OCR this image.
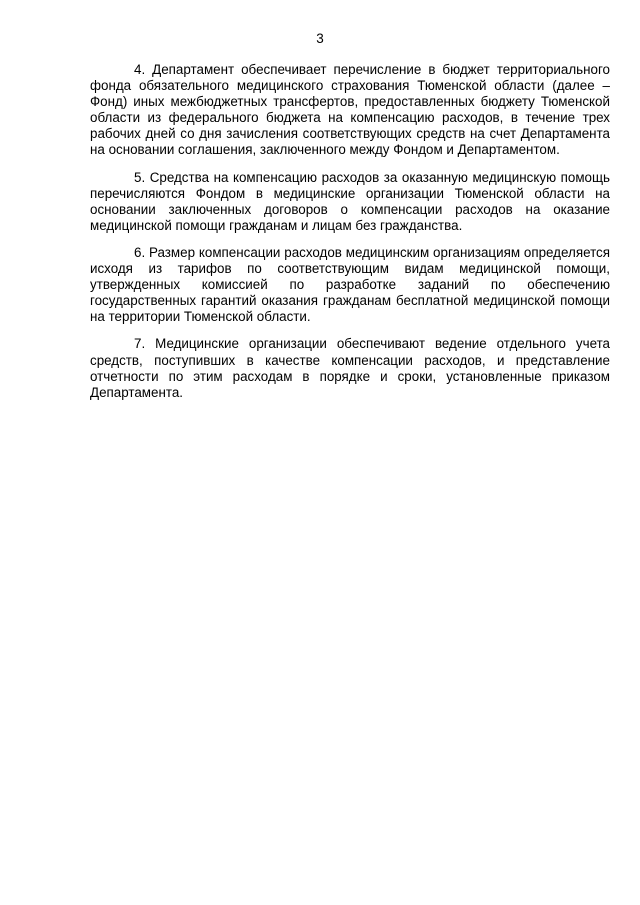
3

4. Департамент обеспечивает перечисление в бюджет территориального фонда обязательного медицинского страхования Тюменской области (далее – Фонд) иных межбюджетных трансфертов, предоставленных бюджету Тюменской области из федерального бюджета на компенсацию расходов, в течение трех рабочих дней со дня зачисления соответствующих средств на счет Департамента на основании соглашения, заключенного между Фондом и Департаментом.

5. Средства на компенсацию расходов за оказанную медицинскую помощь перечисляются Фондом в медицинские организации Тюменской области на основании заключенных договоров о компенсации расходов на оказание медицинской помощи гражданам и лицам без гражданства.

6. Размер компенсации расходов медицинским организациям определяется исходя из тарифов по соответствующим видам медицинской помощи, утвержденных комиссией по разработке заданий по обеспечению государственных гарантий оказания гражданам бесплатной медицинской помощи на территории Тюменской области.

7. Медицинские организации обеспечивают ведение отдельного учета средств, поступивших в качестве компенсации расходов, и представление отчетности по этим расходам в порядке и сроки, установленные приказом Департамента.
